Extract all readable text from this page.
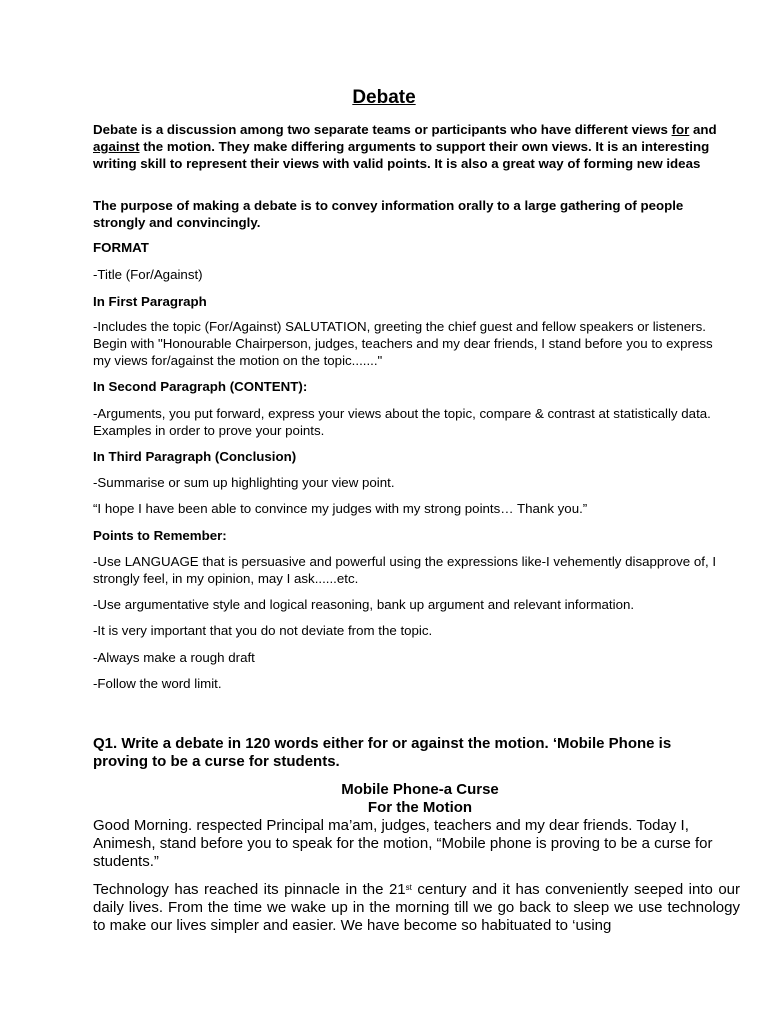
Debate

Debate is a discussion among two separate teams or participants who have different views for and against the motion. They make differing arguments to support their own views. It is an interesting writing skill to represent their views with valid points. It is also a great way of forming new ideas

The purpose of making a debate is to convey information orally to a large gathering of people strongly and convincingly.

FORMAT

-Title (For/Against)

In First Paragraph

-Includes the topic (For/Against) SALUTATION, greeting the chief guest and fellow speakers or listeners. Begin with "Honourable Chairperson, judges, teachers and my dear friends, I stand before you to express my views for/against the motion on the topic......."

In Second Paragraph (CONTENT):

-Arguments, you put forward, express your views about the topic, compare & contrast at statistically data. Examples in order to prove your points.

In Third Paragraph (Conclusion)

-Summarise or sum up highlighting your view point.

“I hope I have been able to convince my judges with my strong points… Thank you.”

Points to Remember:

-Use LANGUAGE that is persuasive and powerful using the expressions like-I vehemently disapprove of, I strongly feel, in my opinion, may I ask......etc.

-Use argumentative style and logical reasoning, bank up argument and relevant information.

-It is very important that you do not deviate from the topic.

-Always make a rough draft

-Follow the word limit.

Q1. Write a debate in 120 words either for or against the motion. ‘Mobile Phone is proving to be a curse for students.

Mobile Phone-a Curse

For the Motion

Good Morning. respected Principal ma’am, judges, teachers and my dear friends. Today I, Animesh, stand before you to speak for the motion, “Mobile phone is proving to be a curse for students.”

Technology has reached its pinnacle in the 21st century and it has conveniently seeped into our daily lives. From the time we wake up in the morning till we go back to sleep we use technology to make our lives simpler and easier. We have become so habituated to ‘using
